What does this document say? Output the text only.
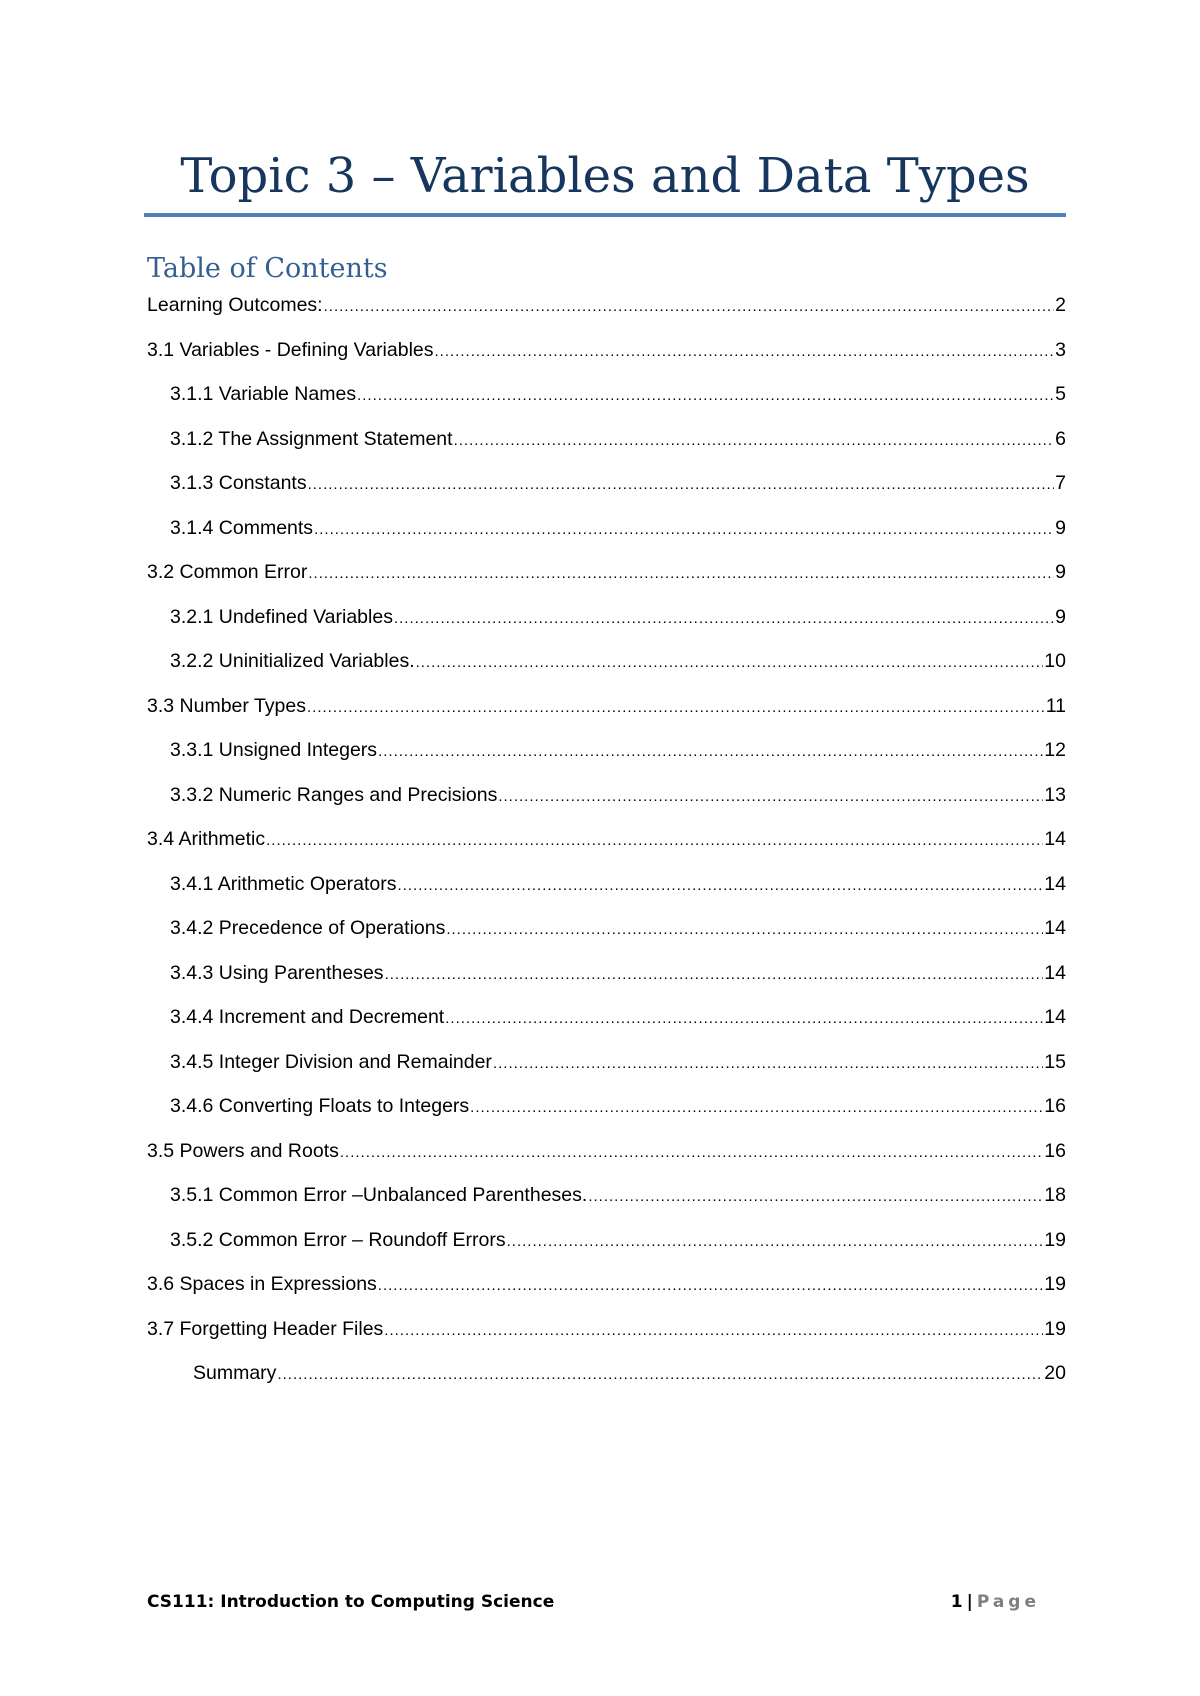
Topic 3 – Variables and Data Types
Table of Contents
Learning Outcomes: .....	2
3.1 Variables - Defining Variables .....	3
3.1.1 Variable Names .....	5
3.1.2 The Assignment Statement .....	6
3.1.3 Constants .....	7
3.1.4 Comments .....	9
3.2 Common Error .....	9
3.2.1 Undefined Variables .....	9
3.2.2 Uninitialized Variables. .....	10
3.3 Number Types .....	11
3.3.1 Unsigned Integers .....	12
3.3.2 Numeric Ranges and Precisions .....	13
3.4 Arithmetic .....	14
3.4.1 Arithmetic Operators .....	14
3.4.2 Precedence of Operations .....	14
3.4.3 Using Parentheses .....	14
3.4.4 Increment and Decrement .....	14
3.4.5 Integer Division and Remainder .....	15
3.4.6 Converting Floats to Integers .....	16
3.5 Powers and Roots .....	16
3.5.1 Common Error –Unbalanced Parentheses. .....	18
3.5.2 Common Error – Roundoff Errors .....	19
3.6 Spaces in Expressions .....	19
3.7 Forgetting Header Files .....	19
Summary .....	20
CS111: Introduction to Computing Science	1 | Page
